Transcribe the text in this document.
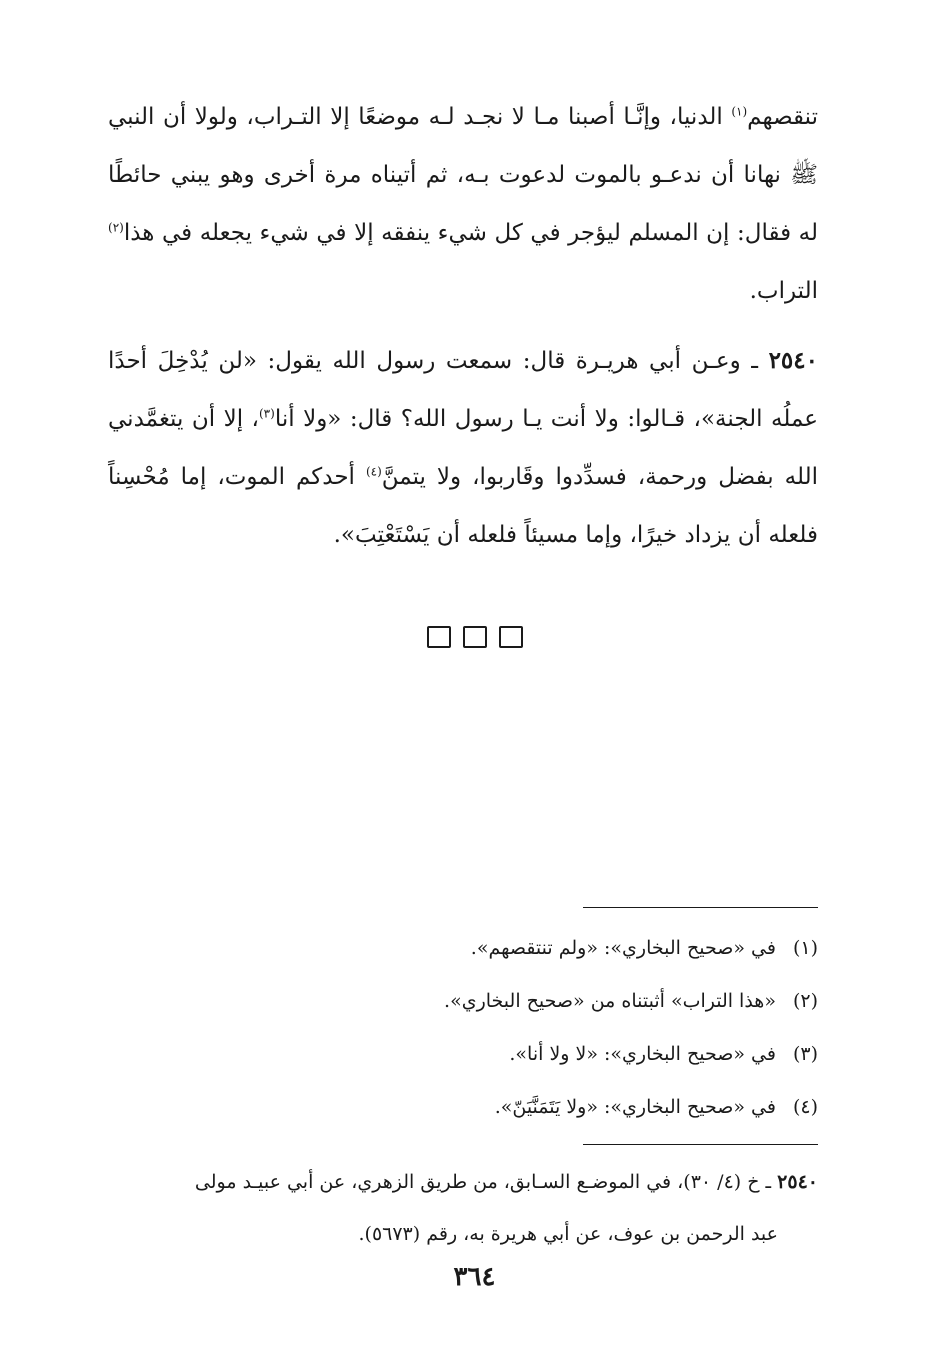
تنقصهم$^{(١)}$ الدنيا، وإنَّـا أصبنا مـا لا نجـد لـه موضعًا إلا التـراب، ولولا أن النبي ﷺ نهانا أن ندعـو بالموت لدعوت بـه، ثم أتيناه مرة أخرى وهو يبني حائطًا له فقال: إن المسلم ليؤجر في كل شيء ينفقه إلا في شيء يجعله في هذا$^{(٢)}$ التراب.

٢٥٤٠ ـ وعـن أبي هريـرة قال: سمعت رسول الله يقول: «لن يُدْخِلَ أحدًا عملُه الجنة»، قـالوا: ولا أنت يـا رسول الله؟ قال: «ولا أنا$^{(٣)}$، إلا أن يتغمَّدني الله بفضل ورحمة، فسدِّدوا وقَاربوا، ولا يتمنَّ$^{(٤)}$ أحدكم الموت، إما مُحْسِناً فلعله أن يزداد خيرًا، وإما مسيئاً فلعله أن يَسْتَعْتِبَ».

(١) في «صحيح البخاري»: «ولم تنتقصهم».
(٢) «هذا التراب» أثبتناه من «صحيح البخاري».
(٣) في «صحيح البخاري»: «لا ولا أنا».
(٤) في «صحيح البخاري»: «ولا يَتَمَنَّيَنّ».
٢٥٤٠ ـ خ (٤/ ٣٠)، في الموضـع السـابق، من طريق الزهري، عن أبي عبيـد مولى
عبد الرحمن بن عوف، عن أبي هريرة به، رقم (٥٦٧٣).
٣٦٤
